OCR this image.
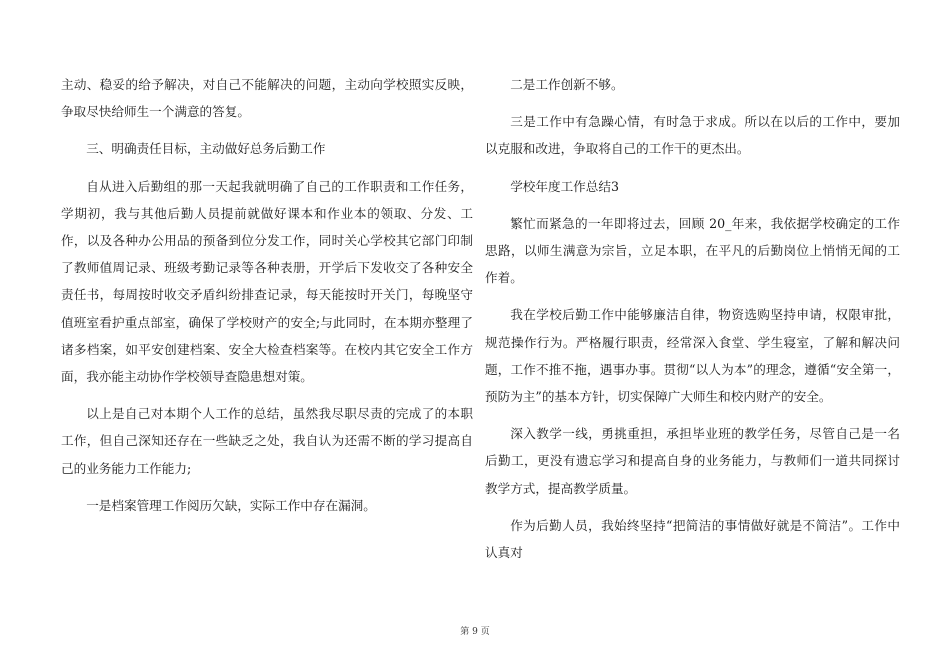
主动、稳妥的给予解决，对自己不能解决的问题，主动向学校照实反映，争取尽快给师生一个满意的答复。

三、明确责任目标，主动做好总务后勤工作

自从进入后勤组的那一天起我就明确了自己的工作职责和工作任务，学期初，我与其他后勤人员提前就做好课本和作业本的领取、分发、工作，以及各种办公用品的预备到位分发工作，同时关心学校其它部门印制了教师值周记录、班级考勤记录等各种表册，开学后下发收交了各种安全责任书，每周按时收交矛盾纠纷排查记录，每天能按时开关门，每晚坚守值班室看护重点部室，确保了学校财产的安全;与此同时，在本期亦整理了诸多档案，如平安创建档案、安全大检查档案等。在校内其它安全工作方面，我亦能主动协作学校领导查隐患想对策。

以上是自己对本期个人工作的总结，虽然我尽职尽责的完成了的本职工作，但自己深知还存在一些缺乏之处，我自认为还需不断的学习提高自己的业务能力工作能力;

一是档案管理工作阅历欠缺，实际工作中存在漏洞。

二是工作创新不够。

三是工作中有急躁心情，有时急于求成。所以在以后的工作中，要加以克服和改进，争取将自己的工作干的更杰出。

学校年度工作总结3

繁忙而紧急的一年即将过去，回顾 20_年来，我依据学校确定的工作思路，以师生满意为宗旨，立足本职，在平凡的后勤岗位上悄悄无闻的工作着。

我在学校后勤工作中能够廉洁自律，物资选购坚持申请，权限审批，规范操作行为。严格履行职责，经常深入食堂、学生寝室，了解和解决问题，工作不推不拖，遇事办事。贯彻“以人为本”的理念，遵循“安全第一，预防为主”的基本方针，切实保障广大师生和校内财产的安全。

深入教学一线，勇挑重担，承担毕业班的教学任务，尽管自己是一名后勤工，更没有遗忘学习和提高自身的业务能力，与教师们一道共同探讨教学方式，提高教学质量。

作为后勤人员，我始终坚持“把简洁的事情做好就是不简洁”。工作中认真对

第 9 页
